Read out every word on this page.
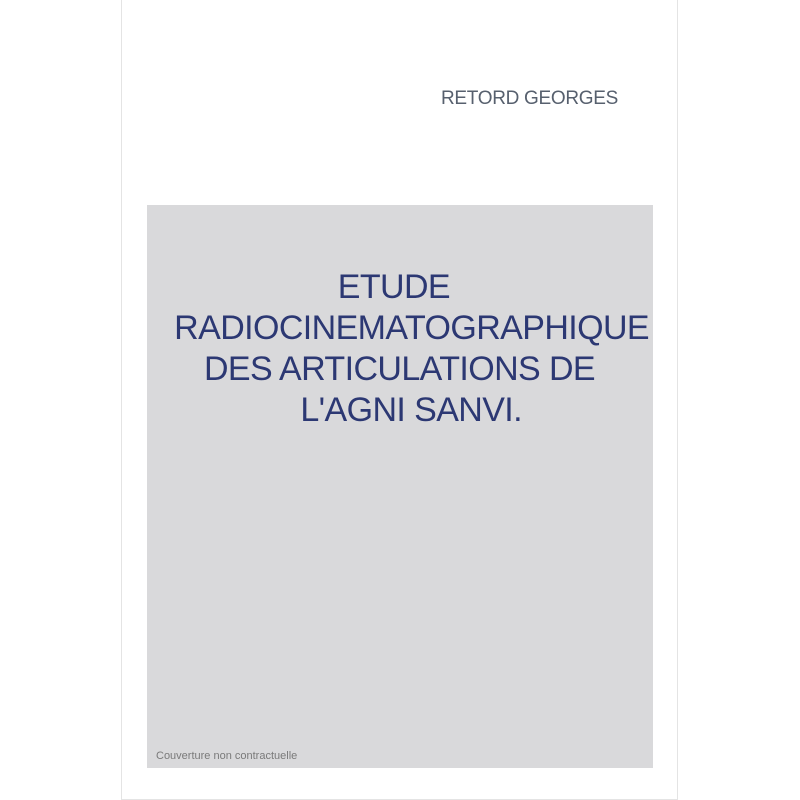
RETORD GEORGES
ETUDE
RADIOCINEMATOGRAPHIQUE
DES ARTICULATIONS DE
L'AGNI SANVI.
Couverture non contractuelle
